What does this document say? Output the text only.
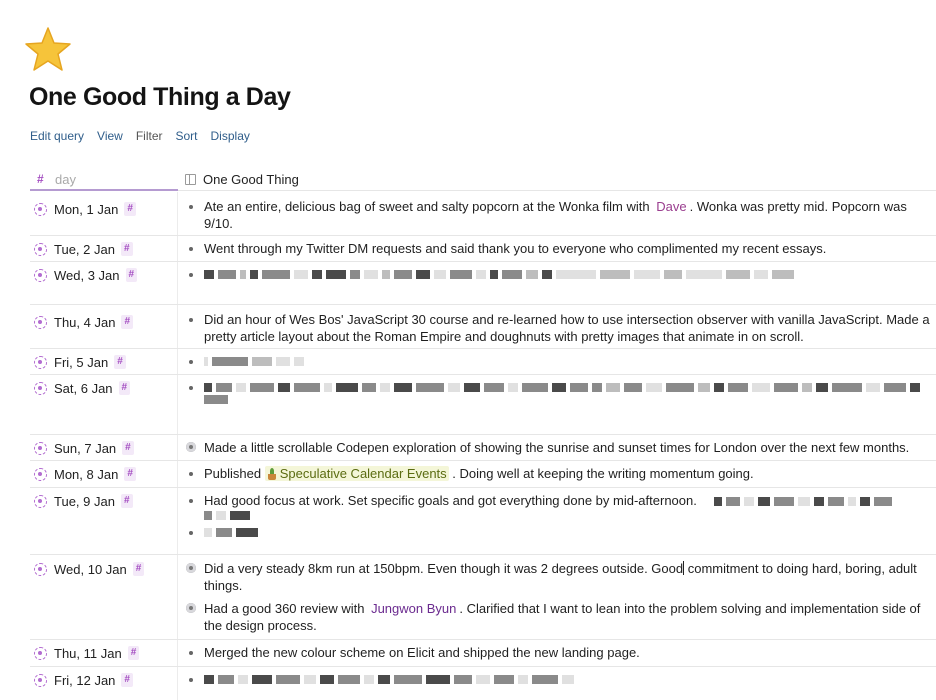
One Good Thing a Day
Edit query View Filter Sort Display
# day	One Good Thing
Mon, 1 Jan #	Ate an entire, delicious bag of sweet and salty popcorn at the Wonka film with Dave . Wonka was pretty mid. Popcorn was 9/10.
Tue, 2 Jan #	Went through my Twitter DM requests and said thank you to everyone who complimented my recent essays.
Wed, 3 Jan #
Thu, 4 Jan #	Did an hour of Wes Bos' JavaScript 30 course and re-learned how to use intersection observer with vanilla JavaScript. Made a pretty article layout about the Roman Empire and doughnuts with pretty images that animate in on scroll.
Fri, 5 Jan #
Sat, 6 Jan #
Sun, 7 Jan #	Made a little scrollable Codepen exploration of showing the sunrise and sunset times for London over the next few months.
Mon, 8 Jan #	Published Speculative Calendar Events . Doing well at keeping the writing momentum going.
Tue, 9 Jan #	Had good focus at work. Set specific goals and got everything done by mid-afternoon.
Wed, 10 Jan #	Did a very steady 8km run at 150bpm. Even though it was 2 degrees outside. Good commitment to doing hard, boring, adult things.
Had a good 360 review with Jungwon Byun . Clarified that I want to lean into the problem solving and implementation side of the design process.
Thu, 11 Jan #	Merged the new colour scheme on Elicit and shipped the new landing page.
Fri, 12 Jan #
